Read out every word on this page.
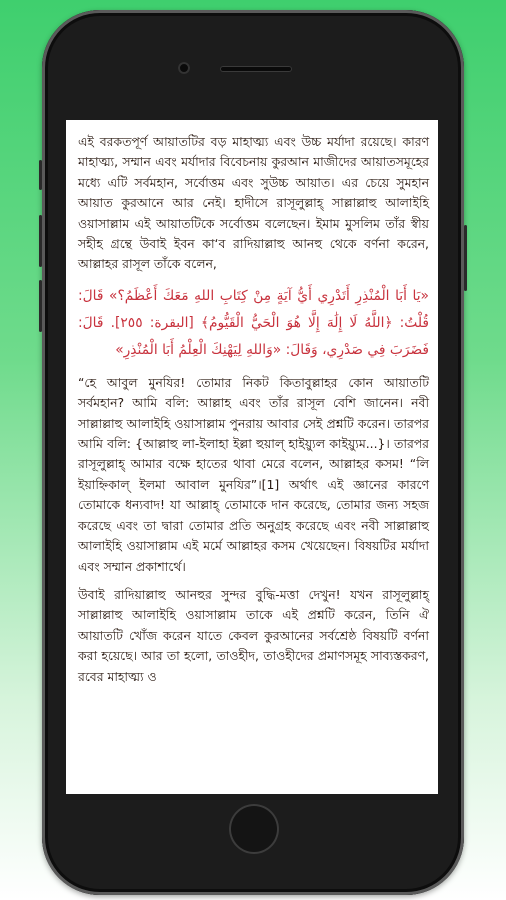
এই বরকতপূর্ণ আয়াতটির বড় মাহাত্ম্য এবং উচ্চ মর্যাদা রয়েছে। কারণ মাহাত্ম্য, সম্মান এবং মর্যাদার বিবেচনায় কুরআন মাজীদের আয়াতসমূহের মধ্যে এটি সর্বমহান, সর্বোত্তম এবং সুউচ্চ আয়াত। এর চেয়ে সুমহান আয়াত কুরআনে আর নেই। হাদীসে রাসূলুল্লাহ্ সাল্লাল্লাহু আলাইহি ওয়াসাল্লাম এই আয়াতটিকে সর্বোত্তম বলেছেন। ইমাম মুসলিম তাঁর স্বীয় সহীহ গ্রন্থে উবাই ইবন কা‘ব রাদিয়াল্লাহু আনহু থেকে বর্ণনা করেন, আল্লাহর রাসূল তাঁকে বলেন,

«يَا أَبَا الْمُنْذِرِ أَتَدْرِي أَيُّ آيَةٍ مِنْ كِتَابِ اللهِ مَعَكَ أَعْظَمُ؟» قَالَ: قُلْتُ: ﴿اللَّهُ لَا إِلَٰهَ إِلَّا هُوَ الْحَيُّ الْقَيُّومُ﴾ [البقرة: ٢٥٥]. قَالَ: فَضَرَبَ فِي صَدْرِي، وَقَالَ: «وَاللهِ لِيَهْنِكَ الْعِلْمُ أَبَا الْمُنْذِرِ»

“হে আবুল মুনযির! তোমার নিকট কিতাবুল্লাহর কোন আয়াতটি সর্বমহান? আমি বলি: আল্লাহ এবং তাঁর রাসূল বেশি জানেন। নবী সাল্লাল্লাহু আলাইহি ওয়াসাল্লাম পুনরায় আবার সেই প্রশ্নটি করেন। তারপর আমি বলি: {আল্লাহু লা-ইলাহা ইল্লা হুয়াল্ হাইয়্যুল কাইয়্যুম...}। তারপর রাসূলুল্লাহ্ আমার বক্ষে হাতের থাবা মেরে বলেন, আল্লাহর কসম! “লি ইয়াহ্নিকাল্ ইলমা আবাল মুনযির”।[1] অর্থাৎ এই জ্ঞানের কারণে তোমাকে ধন্যবাদ! যা আল্লাহ্ তোমাকে দান করেছে, তোমার জন্য সহজ করেছে এবং তা দ্বারা তোমার প্রতি অনুগ্রহ করেছে এবং নবী সাল্লাল্লাহু আলাইহি ওয়াসাল্লাম এই মর্মে আল্লাহর কসম খেয়েছেন। বিষয়টির মর্যাদা এবং সম্মান প্রকাশার্থে।

উবাই রাদিয়াল্লাহু আনহুর সুন্দর বুদ্ধি-মত্তা দেখুন! যখন রাসূলুল্লাহ্ সাল্লাল্লাহু আলাইহি ওয়াসাল্লাম তাকে এই প্রশ্নটি করেন, তিনি ঐ আয়াতটি খোঁজ করেন যাতে কেবল কুরআনের সর্বশ্রেষ্ঠ বিষয়টি বর্ণনা করা হয়েছে। আর তা হলো, তাওহীদ, তাওহীদের প্রমাণসমূহ সাব্যস্তকরণ, রবের মাহাত্ম্য ও
